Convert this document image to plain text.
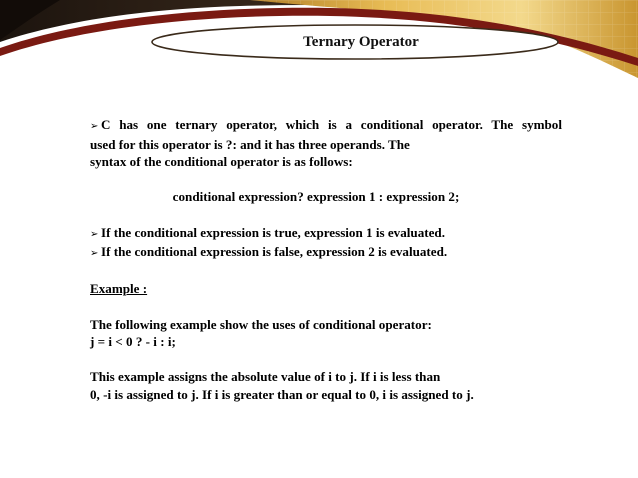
Ternary Operator

➢ C has one ternary operator, which is a conditional operator. The symbol

used for this operator is ?: and it has three operands. The

syntax of the conditional operator is as follows:

conditional expression? expression 1 : expression 2;

➢ If the conditional expression is true, expression 1 is evaluated.

➢ If the conditional expression is false, expression 2 is evaluated.

Example :

The following example show the uses of conditional operator:

j = i < 0 ? - i : i;

This example assigns the absolute value of i to j. If i is less than

0, -i is assigned to j. If i is greater than or equal to 0, i is assigned to j.
